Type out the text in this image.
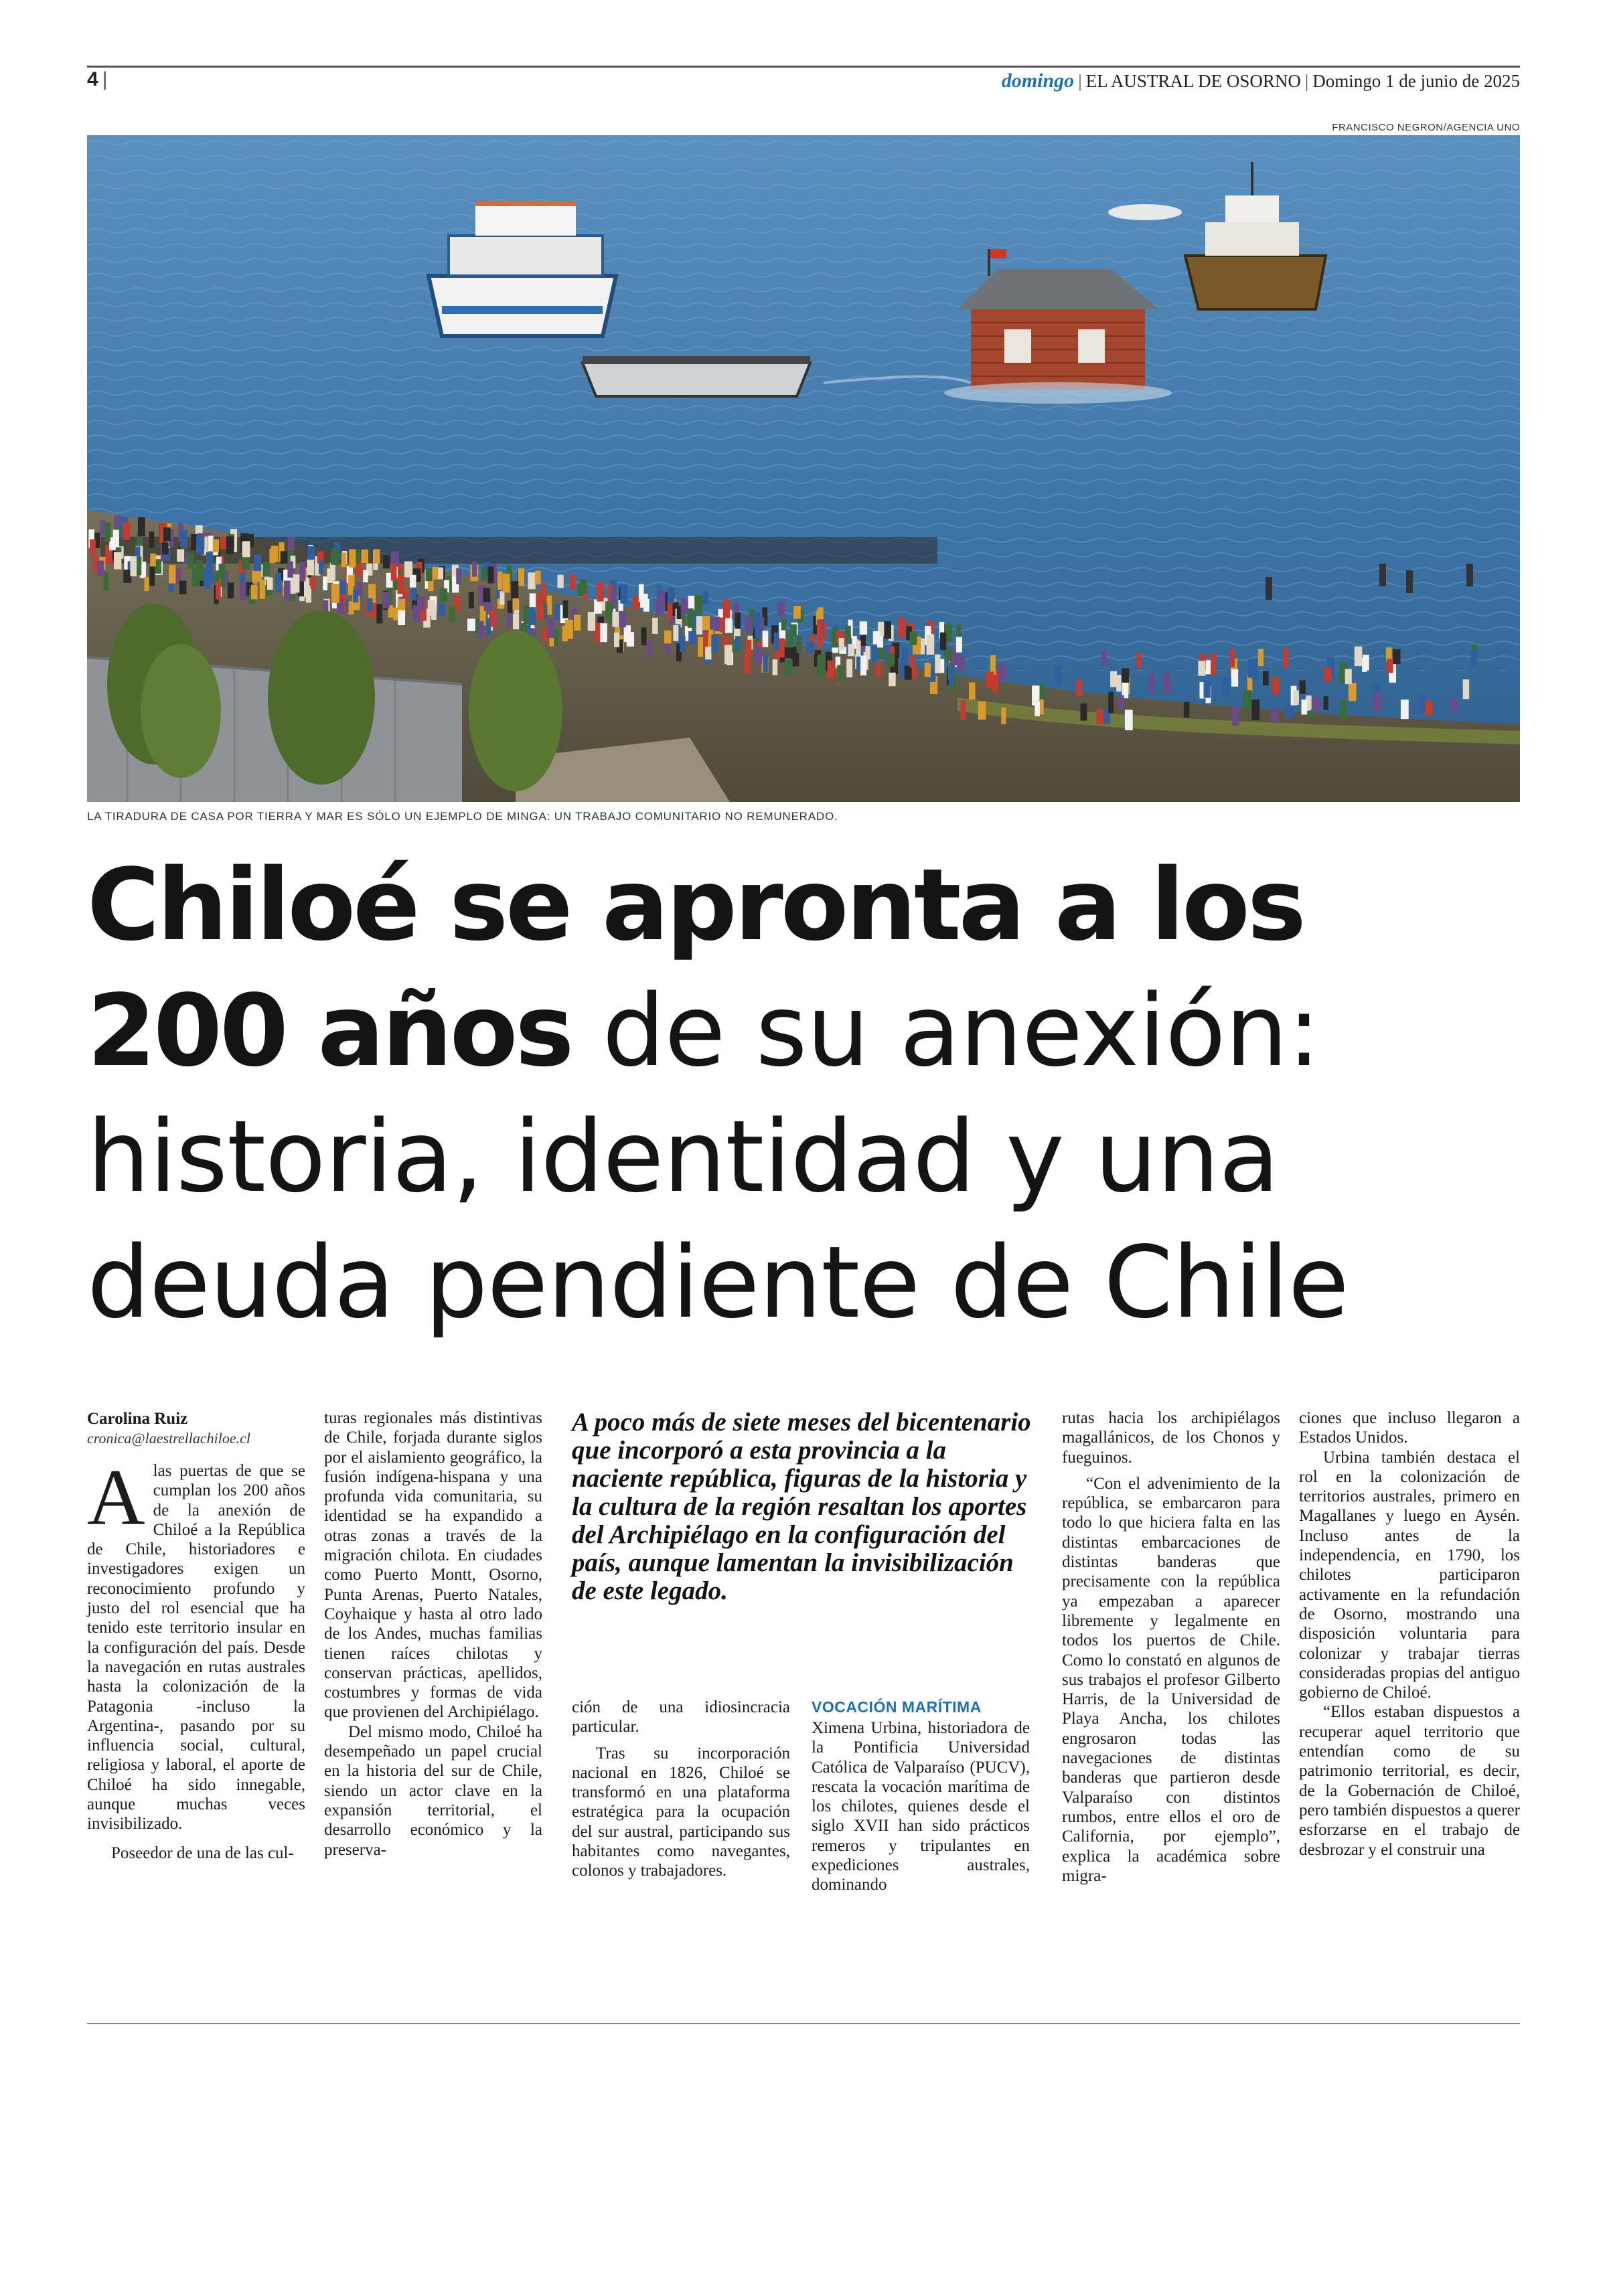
4 |	domingo | EL AUSTRAL DE OSORNO | Domingo 1 de junio de 2025
FRANCISCO NEGRON/AGENCIA UNO
LA TIRADURA DE CASA POR TIERRA Y MAR ES SÓLO UN EJEMPLO DE MINGA: UN TRABAJO COMUNITARIO NO REMUNERADO.
Chiloé se apronta a los
200 años de su anexión:
historia, identidad y una
deuda pendiente de Chile
Carolina Ruiz
cronica@laestrellachiloe.cl

Alas puertas de que se cumplan los 200 años de la anexión de Chiloé a la República de Chile, historiadores e investigadores exigen un reconocimiento profundo y justo del rol esencial que ha tenido este territorio insular en la configuración del país. Desde la navegación en rutas australes hasta la colonización de la Patagonia -incluso la Argentina-, pasando por su influencia social, cultural, religiosa y laboral, el aporte de Chiloé ha sido innegable, aunque muchas veces invisibilizado.

Poseedor de una de las cul-

turas regionales más distintivas de Chile, forjada durante siglos por el aislamiento geográfico, la fusión indígena-hispana y una profunda vida comunitaria, su identidad se ha expandido a otras zonas a través de la migración chilota. En ciudades como Puerto Montt, Osorno, Punta Arenas, Puerto Natales, Coyhaique y hasta al otro lado de los Andes, muchas familias tienen raíces chilotas y conservan prácticas, apellidos, costumbres y formas de vida que provienen del Archipiélago.

Del mismo modo, Chiloé ha desempeñado un papel crucial en la historia del sur de Chile, siendo un actor clave en la expansión territorial, el desarrollo económico y la preserva-

A poco más de siete meses del bicentenario que incorporó a esta provincia a la naciente república, figuras de la historia y la cultura de la región resaltan los aportes del Archipiélago en la configuración del país, aunque lamentan la invisibilización de este legado.

ción de una idiosincracia particular.

Tras su incorporación nacional en 1826, Chiloé se transformó en una plataforma estratégica para la ocupación del sur austral, participando sus habitantes como navegantes, colonos y trabajadores.

VOCACIÓN MARÍTIMA

Ximena Urbina, historiadora de la Pontificia Universidad Católica de Valparaíso (PUCV), rescata la vocación marítima de los chilotes, quienes desde el siglo XVII han sido prácticos remeros y tripulantes en expediciones australes, dominando

rutas hacia los archipiélagos magallánicos, de los Chonos y fueguinos.

“Con el advenimiento de la república, se embarcaron para todo lo que hiciera falta en las distintas embarcaciones de distintas banderas que precisamente con la república ya empezaban a aparecer libremente y legalmente en todos los puertos de Chile. Como lo constató en algunos de sus trabajos el profesor Gilberto Harris, de la Universidad de Playa Ancha, los chilotes engrosaron todas las navegaciones de distintas banderas que partieron desde Valparaíso con distintos rumbos, entre ellos el oro de California, por ejemplo”, explica la académica sobre migra-

ciones que incluso llegaron a Estados Unidos.

Urbina también destaca el rol en la colonización de territorios australes, primero en Magallanes y luego en Aysén. Incluso antes de la independencia, en 1790, los chilotes participaron activamente en la refundación de Osorno, mostrando una disposición voluntaria para colonizar y trabajar tierras consideradas propias del antiguo gobierno de Chiloé.

“Ellos estaban dispuestos a recuperar aquel territorio que entendían como de su patrimonio territorial, es decir, de la Gobernación de Chiloé, pero también dispuestos a querer esforzarse en el trabajo de desbrozar y el construir una
